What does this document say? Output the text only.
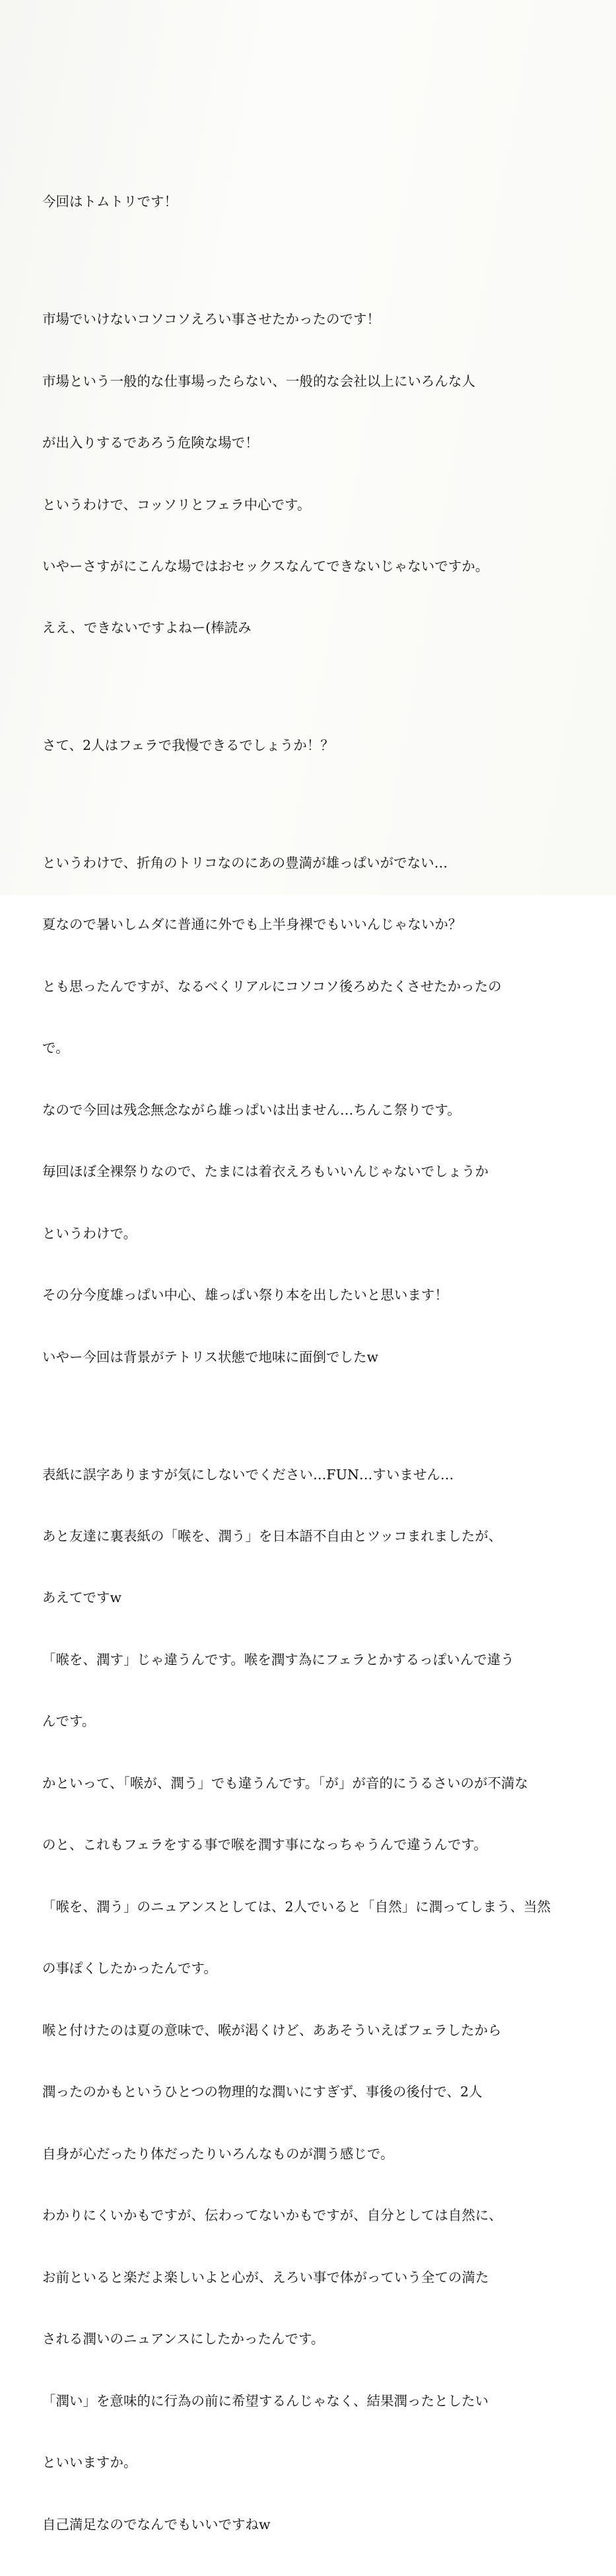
今回はトムトリです！

市場でいけないコソコソえろい事させたかったのです！

市場という一般的な仕事場ったらない、一般的な会社以上にいろんな人

が出入りするであろう危険な場で！

というわけで、コッソリとフェラ中心です。

いやーさすがにこんな場ではおセックスなんてできないじゃないですか。

ええ、できないですよねー(棒読み

さて、2人はフェラで我慢できるでしょうか！？

というわけで、折角のトリコなのにあの豊満が雄っぱいがでない…

夏なので暑いしムダに普通に外でも上半身裸でもいいんじゃないか？

とも思ったんですが、なるべくリアルにコソコソ後ろめたくさせたかったの

で。

なので今回は残念無念ながら雄っぱいは出ません…ちんこ祭りです。

毎回ほぼ全裸祭りなので、たまには着衣えろもいいんじゃないでしょうか

というわけで。

その分今度雄っぱい中心、雄っぱい祭り本を出したいと思います！

いやー今回は背景がテトリス状態で地味に面倒でしたw

表紙に誤字ありますが気にしないでください…FUN…すいません…

あと友達に裏表紙の「喉を、潤う」を日本語不自由とツッコまれましたが、

あえてですw

「喉を、潤す」じゃ違うんです。喉を潤す為にフェラとかするっぽいんで違う

んです。

かといって、「喉が、潤う」でも違うんです。「が」が音的にうるさいのが不満な

のと、これもフェラをする事で喉を潤す事になっちゃうんで違うんです。

「喉を、潤う」のニュアンスとしては、2人でいると「自然」に潤ってしまう、当然

の事ぽくしたかったんです。

喉と付けたのは夏の意味で、喉が渇くけど、ああそういえばフェラしたから

潤ったのかもというひとつの物理的な潤いにすぎず、事後の後付で、2人

自身が心だったり体だったりいろんなものが潤う感じで。

わかりにくいかもですが、伝わってないかもですが、自分としては自然に、

お前といると楽だよ楽しいよと心が、えろい事で体がっていう全ての満た

される潤いのニュアンスにしたかったんです。

「潤い」を意味的に行為の前に希望するんじゃなく、結果潤ったとしたい

といいますか。

自己満足なのでなんでもいいですねw
